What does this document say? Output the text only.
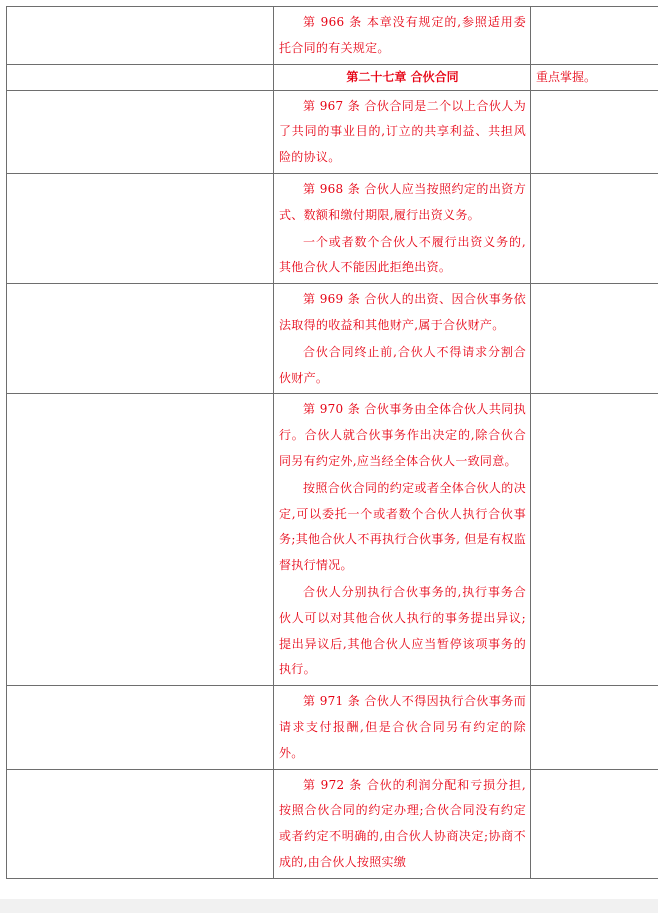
	第 966 条 本章没有规定的,参照适用委托合同的有关规定。	

	第二十七章 合伙合同	重点掌握。

	第 967 条 合伙合同是二个以上合伙人为了共同的事业目的,订立的共享利益、共担风险的协议。	

	第 968 条 合伙人应当按照约定的出资方式、数额和缴付期限,履行出资义务。

一个或者数个合伙人不履行出资义务的,其他合伙人不能因此拒绝出资。	

	第 969 条 合伙人的出资、因合伙事务依法取得的收益和其他财产,属于合伙财产。

合伙合同终止前,合伙人不得请求分割合伙财产。	

	第 970 条 合伙事务由全体合伙人共同执行。合伙人就合伙事务作出决定的,除合伙合同另有约定外,应当经全体合伙人一致同意。

按照合伙合同的约定或者全体合伙人的决定,可以委托一个或者数个合伙人执行合伙事务;其他合伙人不再执行合伙事务, 但是有权监督执行情况。

合伙人分别执行合伙事务的,执行事务合伙人可以对其他合伙人执行的事务提出异议;提出异议后,其他合伙人应当暂停该项事务的执行。	

	第 971 条 合伙人不得因执行合伙事务而请求支付报酬,但是合伙合同另有约定的除外。	

	第 972 条 合伙的利润分配和亏损分担,按照合伙合同的约定办理;合伙合同没有约定或者约定不明确的,由合伙人协商决定;协商不成的,由合伙人按照实缴	
